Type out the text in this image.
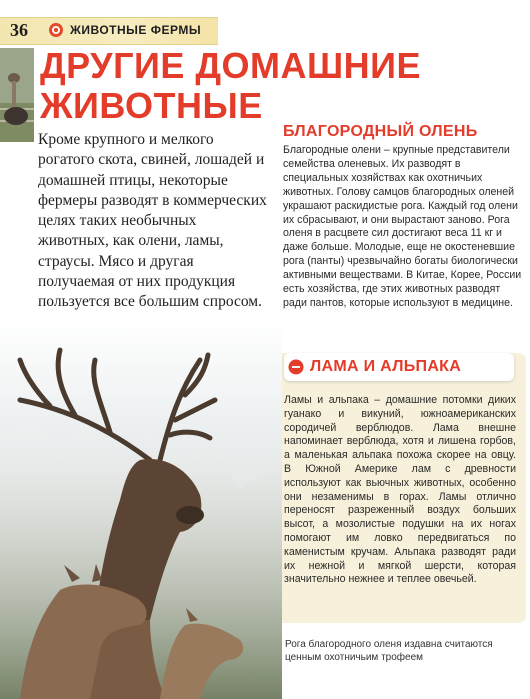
36	ЖИВОТНЫЕ ФЕРМЫ
ДРУГИЕ ДОМАШНИЕ
ЖИВОТНЫЕ
Кроме крупного и мелкого рогатого скота, свиней, лошадей и домашней птицы, некоторые фермеры разводят в коммерческих целях таких необычных животных, как олени, ламы, страусы. Мясо и другая получаемая от них продукция пользуется все большим спросом.
БЛАГОРОДНЫЙ ОЛЕНЬ
Благородные олени – крупные представители семейства оленевых. Их разводят в специальных хозяйствах как охотничьих животных. Голову самцов благородных оленей украшают раскидистые рога. Каждый год олени их сбрасывают, и они вырастают заново. Рога оленя в расцвете сил достигают веса 11 кг и даже больше. Молодые, еще не окостеневшие рога (панты) чрезвычайно богаты биологически активными веществами. В Китае, Корее, России есть хозяйства, где этих животных разводят ради пантов, которые используют в медицине.
ЛАМА И АЛЬПАКА
Ламы и альпака – домашние потомки диких гуанако и викуний, южноамериканских сородичей верблюдов. Лама внешне напоминает верблюда, хотя и лишена горбов, а маленькая альпака похожа скорее на овцу. В Южной Америке лам с древности используют как вьючных животных, особенно они незаменимы в горах. Ламы отлично переносят разреженный воздух больших высот, а мозолистые подушки на их ногах помогают им ловко передвигаться по каменистым кручам. Альпака разводят ради их нежной и мягкой шерсти, которая значительно нежнее и теплее овечьей.
Рога благородного оленя издавна считаются ценным охотничьим трофеем
